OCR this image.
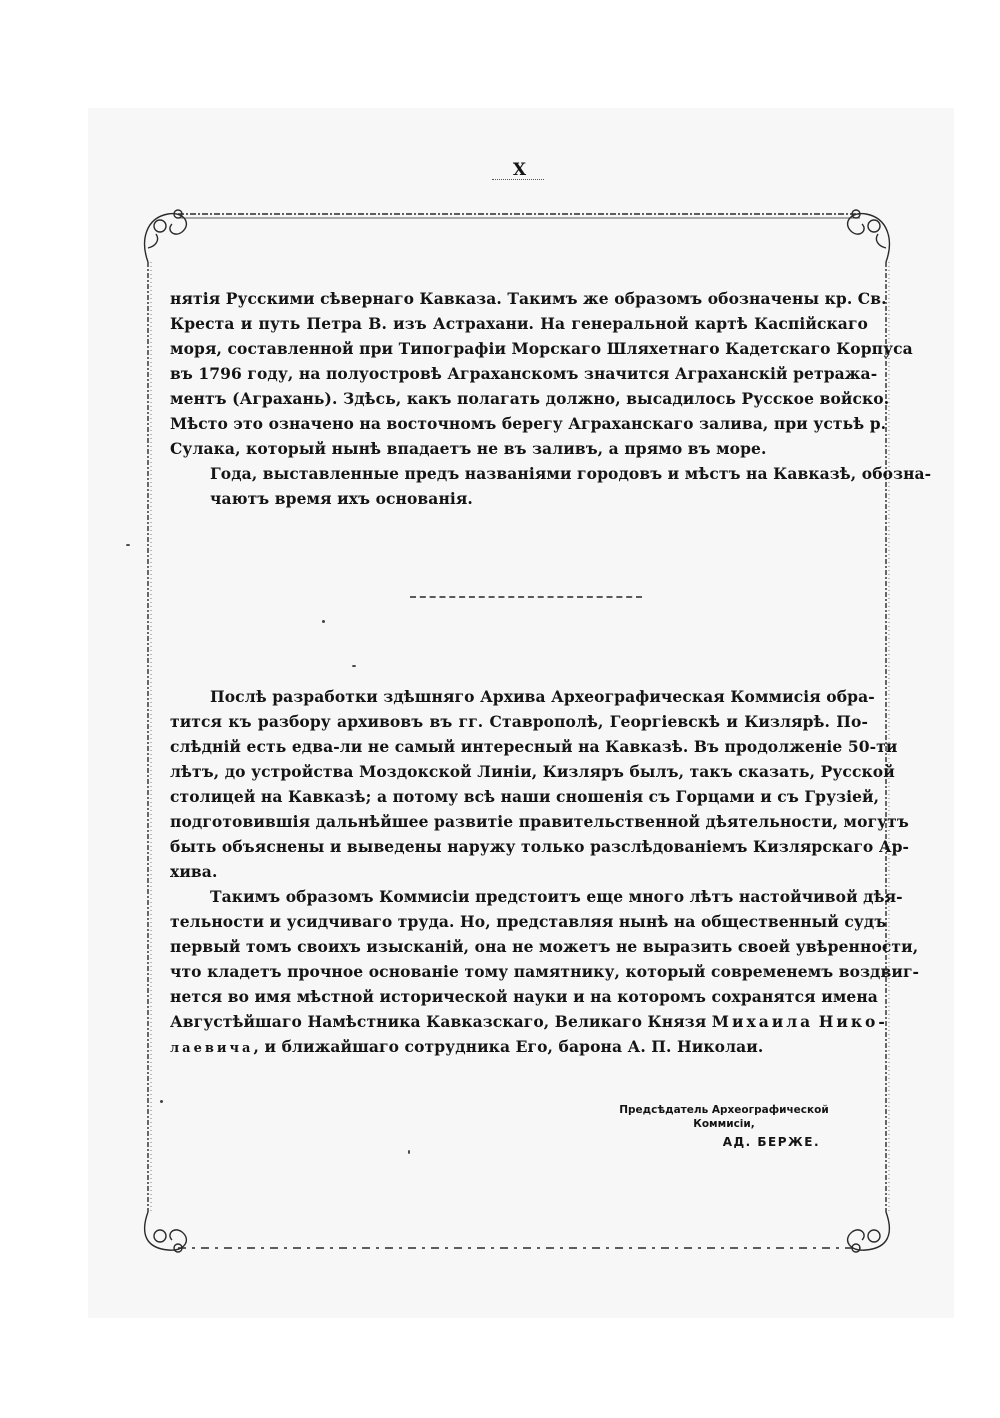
X

нятія Русскими сѣвернаго Кавказа. Такимъ же образомъ обозначены кр. Св.
Креста и путь Петра В. изъ Астрахани. На генеральной картѣ Каспійскаго
моря, составленной при Типографіи Морскаго Шляхетнаго Кадетскаго Корпуса
въ 1796 году, на полуостровѣ Аграханскомъ значится Аграханскій ретража-
ментъ (Аграхань). Здѣсь, какъ полагать должно, высадилось Русское войско.
Мѣсто это означено на восточномъ берегу Аграханскаго залива, при устьѣ р.
Сулака, который нынѣ впадаетъ не въ заливъ, а прямо въ море.

Года, выставленные предъ названіями городовъ и мѣстъ на Кавказѣ, обозна-
чаютъ время ихъ основанія.

Послѣ разработки здѣшняго Архива Археографическая Коммисія обра-
тится къ разбору архивовъ въ гг. Ставрополѣ, Георгіевскѣ и Кизлярѣ. По-
слѣдній есть едва-ли не самый интересный на Кавказѣ. Въ продолженіе 50-ти
лѣтъ, до устройства Моздокской Линіи, Кизляръ былъ, такъ сказать, Русской
столицей на Кавказѣ; а потому всѣ наши сношенія съ Горцами и съ Грузіей,
подготовившія дальнѣйшее развитіе правительственной дѣятельности, могутъ
быть объяснены и выведены наружу только разслѣдованіемъ Кизлярскаго Ар-
хива.

Такимъ образомъ Коммисіи предстоитъ еще много лѣтъ настойчивой дѣя-
тельности и усидчиваго труда. Но, представляя нынѣ на общественный судъ
первый томъ своихъ изысканій, она не можетъ не выразить своей увѣренности,
что кладетъ прочное основаніе тому памятнику, который современемъ воздвиг-
нется во имя мѣстной исторической науки и на которомъ сохранятся имена
Августѣйшаго Намѣстника Кавказскаго, Великаго Князя Михаила Нико-
лаевича, и ближайшаго сотрудника Его, барона А. П. Николаи.

Предсѣдатель Археографической Коммисіи,
АД. БЕРЖЕ.
